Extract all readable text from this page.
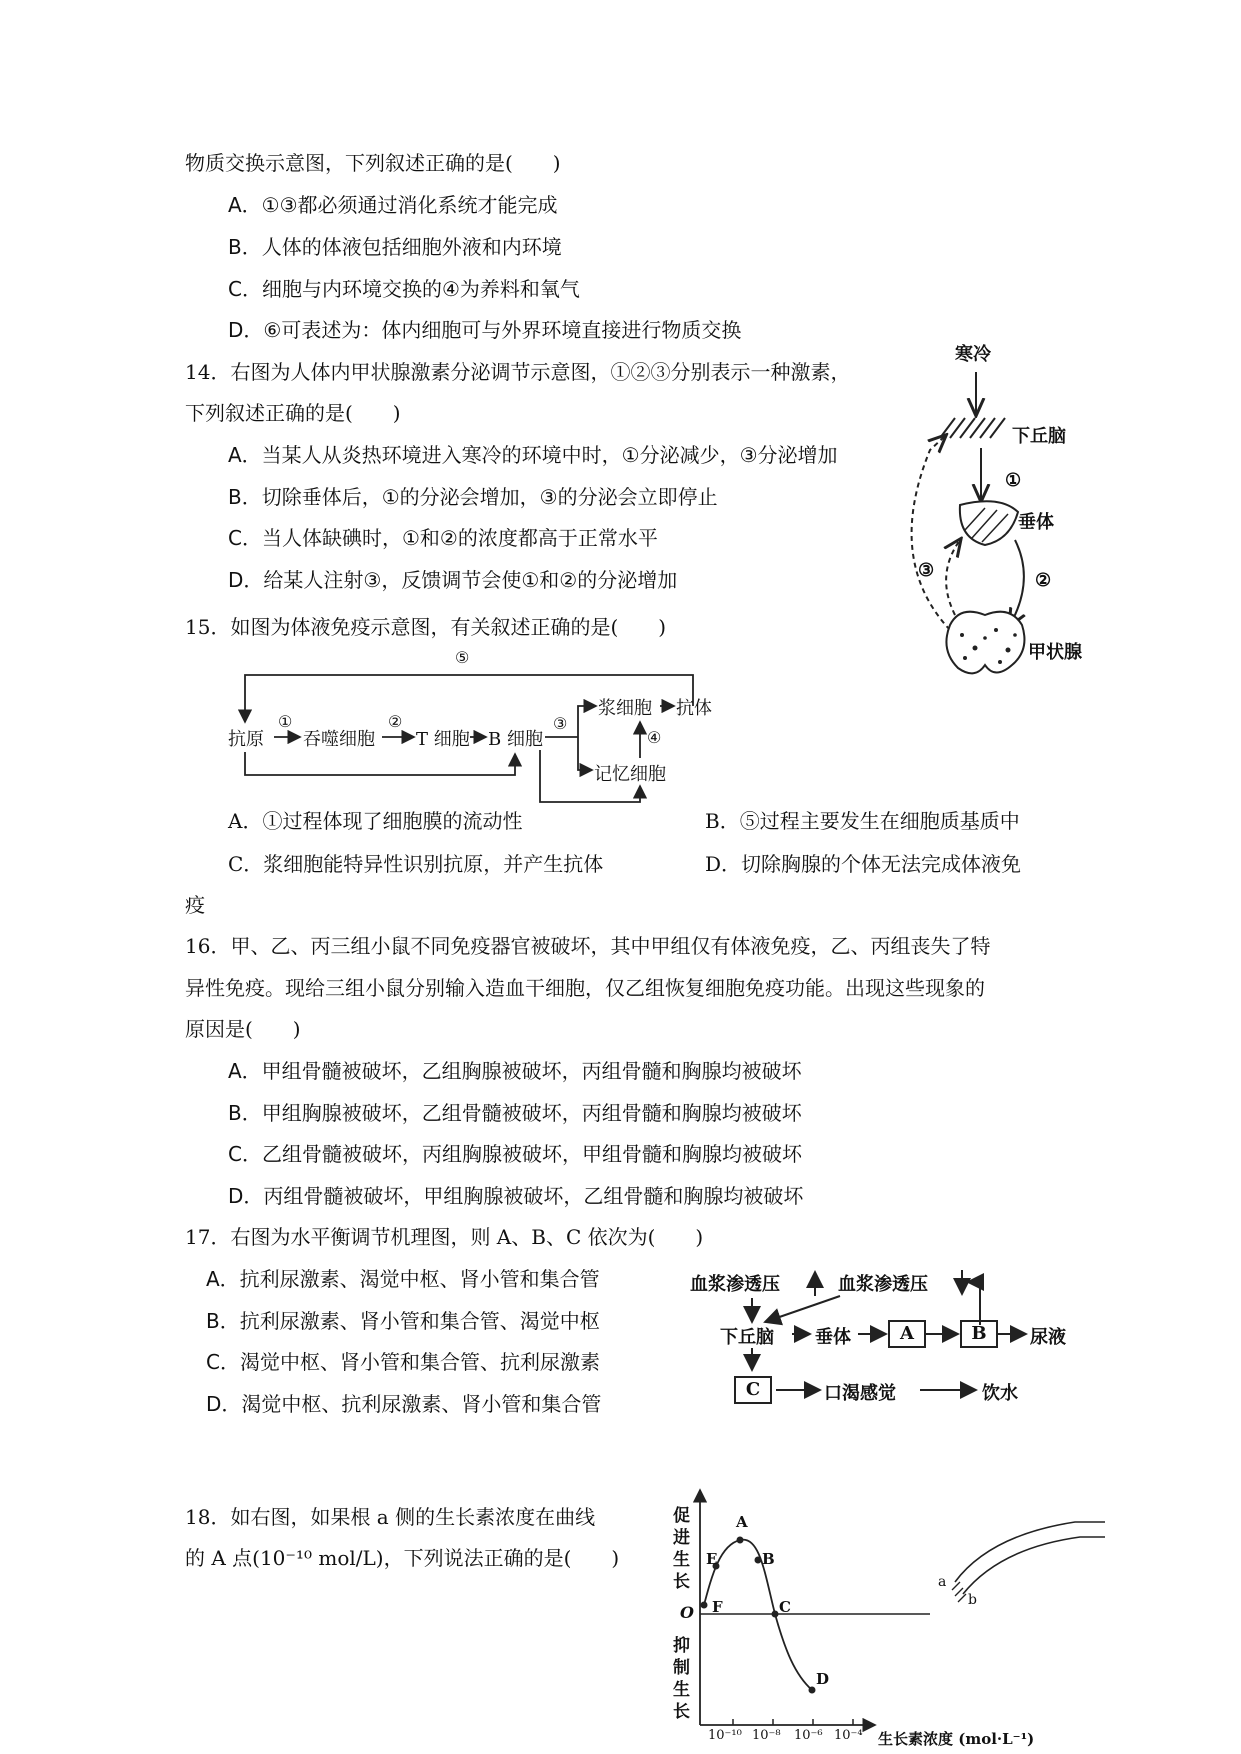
物质交换示意图，下列叙述正确的是(　　)
A．①③都必须通过消化系统才能完成
B．人体的体液包括细胞外液和内环境
C．细胞与内环境交换的④为养料和氧气
D．⑥可表述为：体内细胞可与外界环境直接进行物质交换
14．右图为人体内甲状腺激素分泌调节示意图，①②③分别表示一种激素，
下列叙述正确的是(　　)
A．当某人从炎热环境进入寒冷的环境中时，①分泌减少，③分泌增加
B．切除垂体后，①的分泌会增加，③的分泌会立即停止
C．当人体缺碘时，①和②的浓度都高于正常水平
D．给某人注射③，反馈调节会使①和②的分泌增加
寒冷
下丘脑
①
垂体
③	②
甲状腺
15．如图为体液免疫示意图，有关叙述正确的是(　　)
⑤
抗原
①
吞噬细胞
②
T 细胞 B 细胞
③
浆细胞 抗体
④
记忆细胞
A．①过程体现了细胞膜的流动性	B．⑤过程主要发生在细胞质基质中
C．浆细胞能特异性识别抗原，并产生抗体	D．切除胸腺的个体无法完成体液免
疫
16．甲、乙、丙三组小鼠不同免疫器官被破坏，其中甲组仅有体液免疫，乙、丙组丧失了特
异性免疫。现给三组小鼠分别输入造血干细胞，仅乙组恢复细胞免疫功能。出现这些现象的
原因是(　　)
A．甲组骨髓被破坏，乙组胸腺被破坏，丙组骨髓和胸腺均被破坏
B．甲组胸腺被破坏，乙组骨髓被破坏，丙组骨髓和胸腺均被破坏
C．乙组骨髓被破坏，丙组胸腺被破坏，甲组骨髓和胸腺均被破坏
D．丙组骨髓被破坏，甲组胸腺被破坏，乙组骨髓和胸腺均被破坏
17．右图为水平衡调节机理图，则 A、B、C 依次为(　　)
A．抗利尿激素、渴觉中枢、肾小管和集合管
B．抗利尿激素、肾小管和集合管、渴觉中枢
C．渴觉中枢、肾小管和集合管、抗利尿激素
D．渴觉中枢、抗利尿激素、肾小管和集合管
血浆渗透压	血浆渗透压
下丘脑 垂体	A	B	尿液
C	口渴感觉	饮水
18．如右图，如果根 a 侧的生长素浓度在曲线
的 A 点(10⁻¹⁰ mol/L)，下列说法正确的是(　　)
促进生长
抑制生长
O
A
B
C
D
E
F
10⁻¹⁰ 10⁻⁸ 10⁻⁶ 10⁻⁴ 生长素浓度 (mol·L⁻¹)
a
b
